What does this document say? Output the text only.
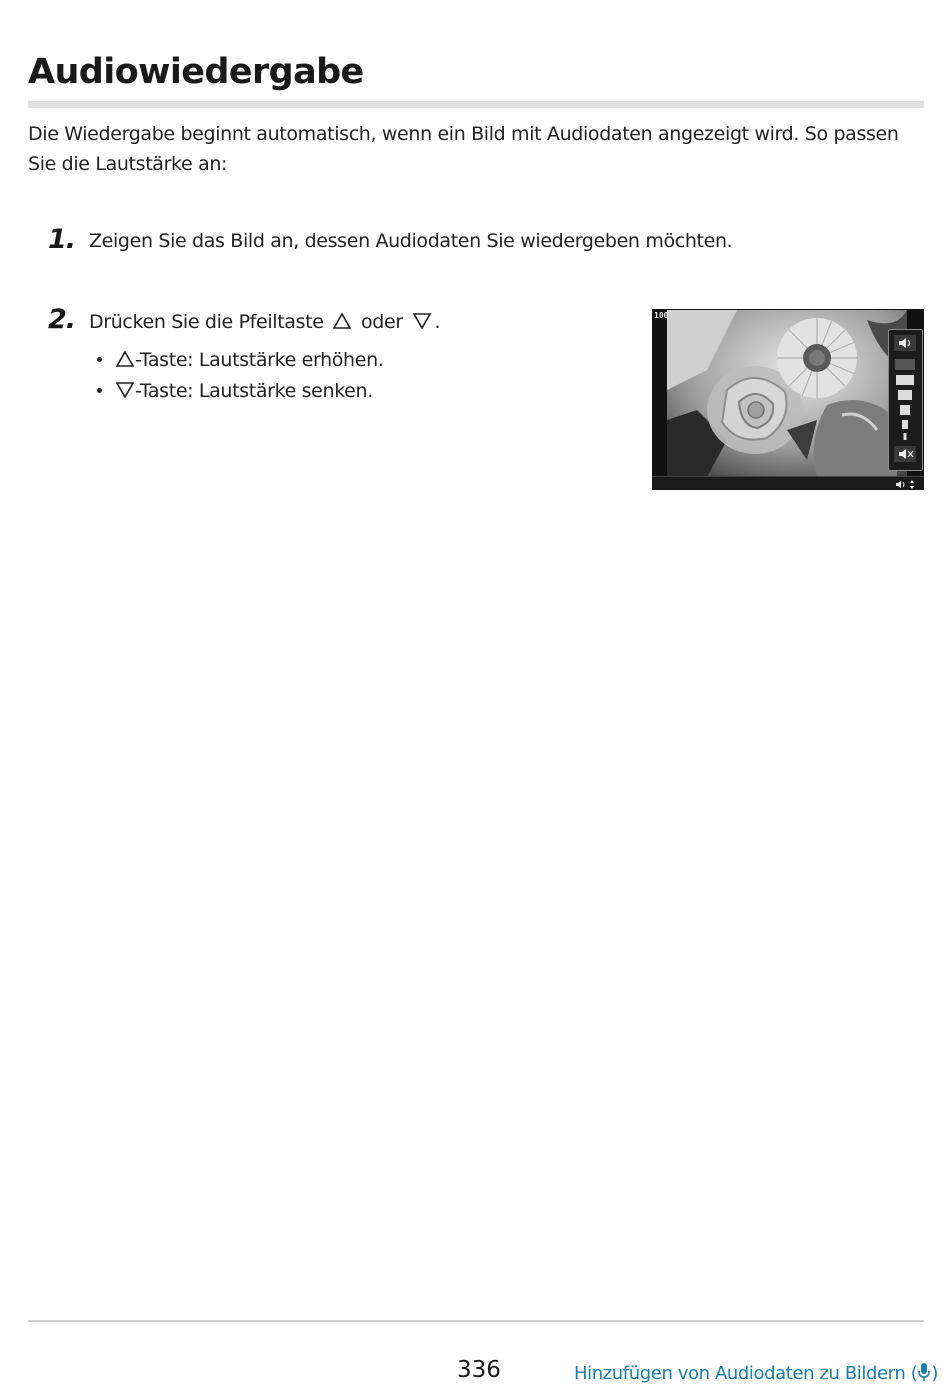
Audiowiedergabe

Die Wiedergabe beginnt automatisch, wenn ein Bild mit Audiodaten angezeigt wird. So passen Sie die Lautstärke an:

1. Zeigen Sie das Bild an, dessen Audiodaten Sie wiedergeben möchten.
2. Drücken Sie die Pfeiltaste oder .
-Taste: Lautstärke erhöhen.
-Taste: Lautstärke senken.
100
336	Hinzufügen von Audiodaten zu Bildern ( )
